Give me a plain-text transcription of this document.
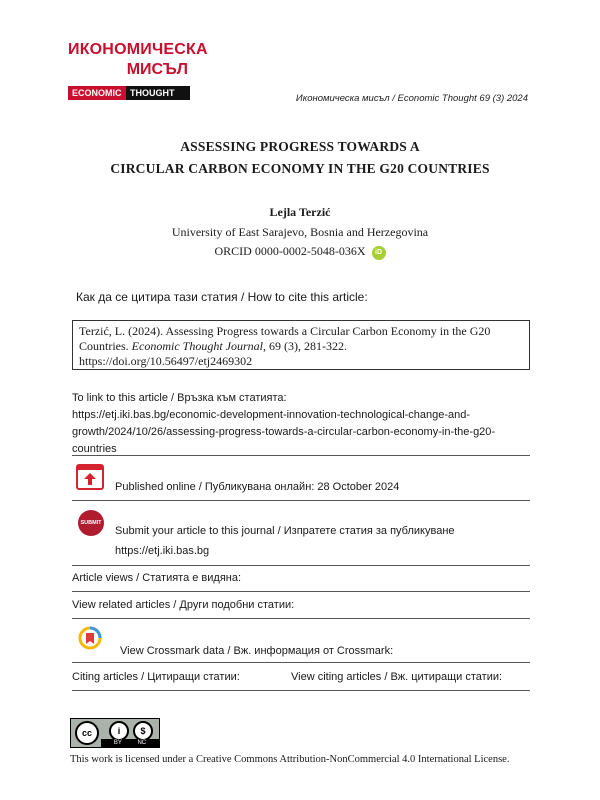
ИКОНОМИЧЕСКА
МИСЪЛ
ECONOMIC THOUGHT	Икономическа мисъл / Economic Thought 69 (3) 2024
ASSESSING PROGRESS TOWARDS A
CIRCULAR CARBON ECONOMY IN THE G20 COUNTRIES
Lejla Terzić
University of East Sarajevo, Bosnia and Herzegovina
ORCID 0000-0002-5048-036X iD
Как да се цитира тази статия / How to cite this article:
Terzić, L. (2024). Assessing Progress towards a Circular Carbon Economy in the G20 Countries. Economic Thought Journal, 69 (3), 281-322.
https://doi.org/10.56497/etj2469302
To link to this article / Връзка към статията:
https://etj.iki.bas.bg/economic-development-innovation-technological-change-and-growth/2024/10/26/assessing-progress-towards-a-circular-carbon-economy-in-the-g20-countries
Published online / Публикувана онлайн: 28 October 2024
SUBMIT
Submit your article to this journal / Изпратете статия за публикуване
https://etj.iki.bas.bg
Article views / Статията е видяна:
View related articles / Други подобни статии:
View Crossmark data / Вж. информация от Crossmark:
Citing articles / Цитиращи статии:	View citing articles / Вж. цитиращи статии:
cc	i	$
BY	NC
This work is licensed under a Creative Commons Attribution-NonCommercial 4.0 International License.
